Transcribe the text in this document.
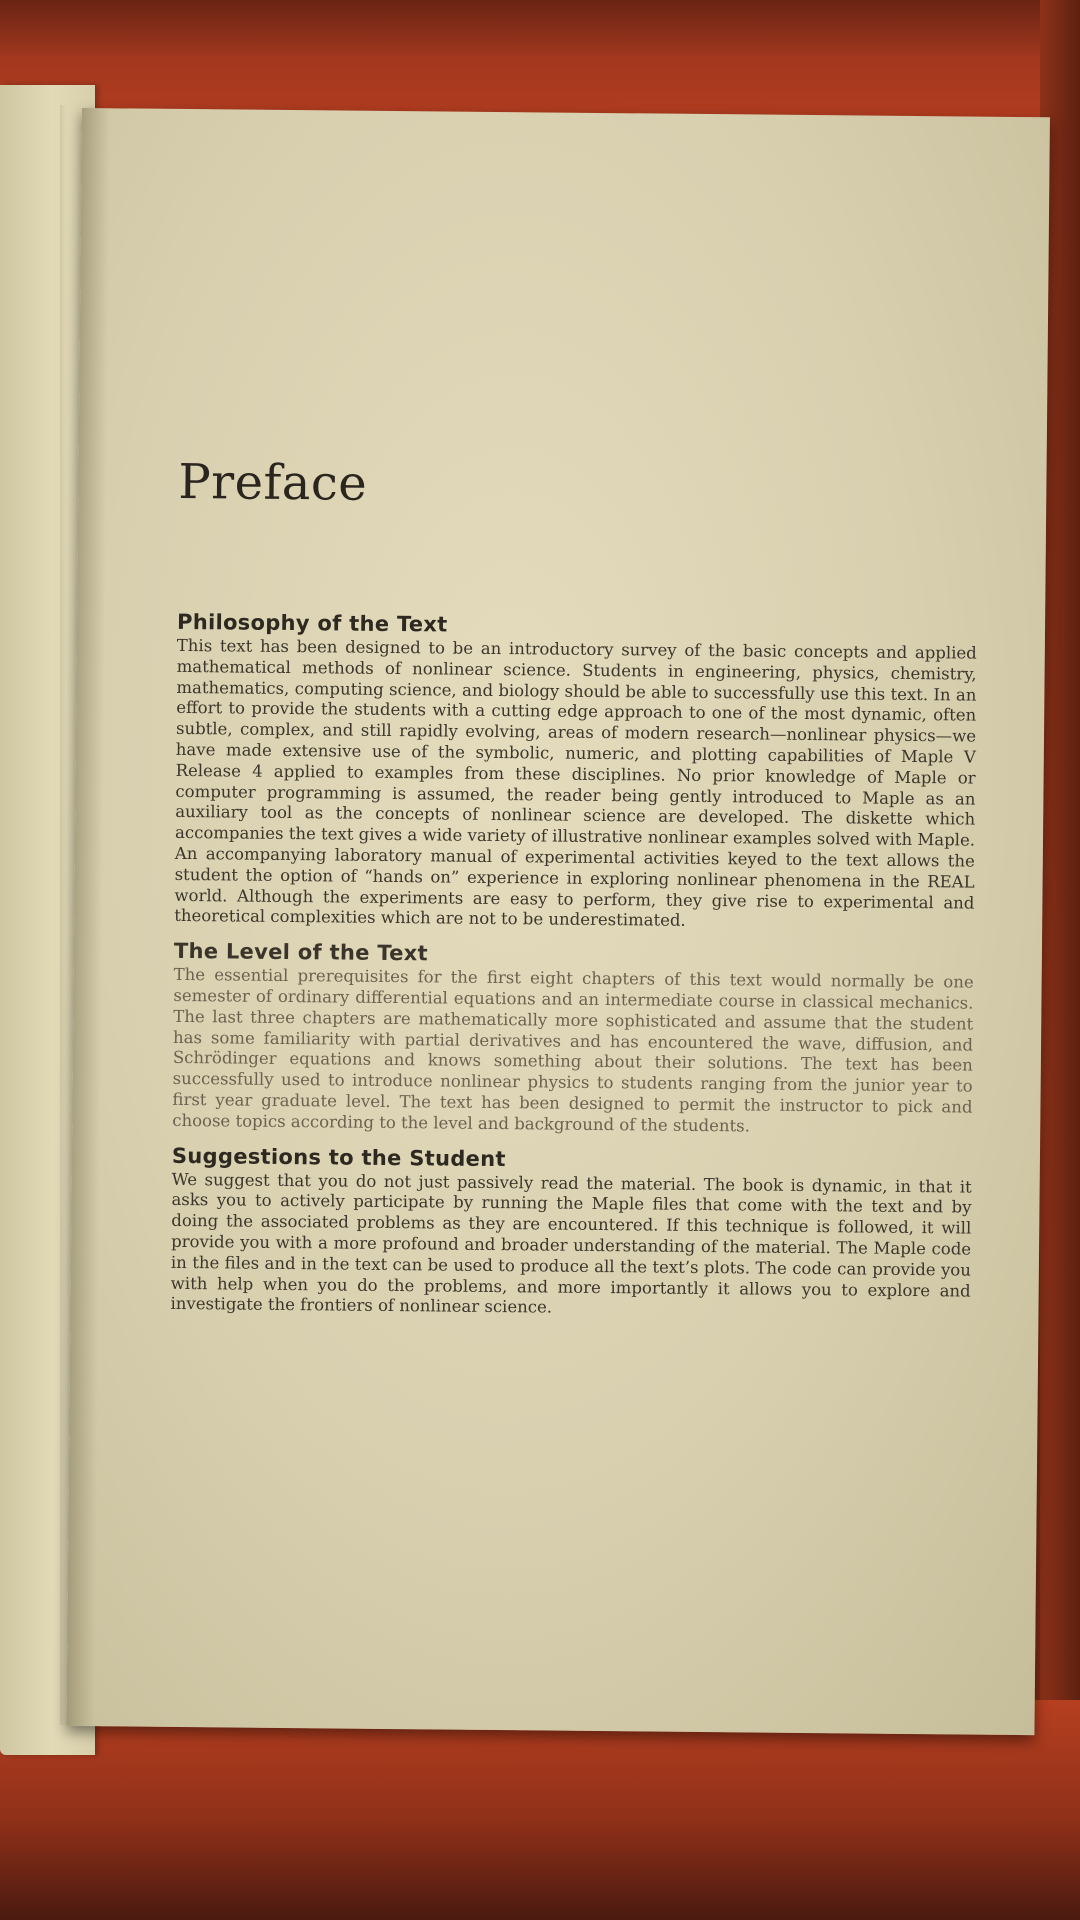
Preface
Philosophy of the Text

This text has been designed to be an introductory survey of the basic concepts and applied mathematical methods of nonlinear science. Students in engineering, physics, chemistry, mathematics, computing science, and biology should be able to successfully use this text. In an effort to provide the students with a cutting edge approach to one of the most dynamic, often subtle, complex, and still rapidly evolving, areas of modern research—nonlinear physics—we have made extensive use of the symbolic, numeric, and plotting capabilities of Maple V Release 4 applied to examples from these disciplines. No prior knowledge of Maple or computer programming is assumed, the reader being gently introduced to Maple as an auxiliary tool as the concepts of nonlinear science are developed. The diskette which accompanies the text gives a wide variety of illustrative nonlinear examples solved with Maple. An accompanying laboratory manual of experimental activities keyed to the text allows the student the option of “hands on” experience in exploring nonlinear phenomena in the REAL world. Although the experiments are easy to perform, they give rise to experimental and theoretical complexities which are not to be underestimated.

The Level of the Text

The essential prerequisites for the first eight chapters of this text would normally be one semester of ordinary differential equations and an intermediate course in classical mechanics. The last three chapters are mathematically more sophisticated and assume that the student has some familiarity with partial derivatives and has encountered the wave, diffusion, and Schrödinger equations and knows something about their solutions. The text has been successfully used to introduce nonlinear physics to students ranging from the junior year to first year graduate level. The text has been designed to permit the instructor to pick and choose topics according to the level and background of the students.

Suggestions to the Student

We suggest that you do not just passively read the material. The book is dynamic, in that it asks you to actively participate by running the Maple files that come with the text and by doing the associated problems as they are encountered. If this technique is followed, it will provide you with a more profound and broader understanding of the material. The Maple code in the files and in the text can be used to produce all the text’s plots. The code can provide you with help when you do the problems, and more importantly it allows you to explore and investigate the frontiers of nonlinear science.
